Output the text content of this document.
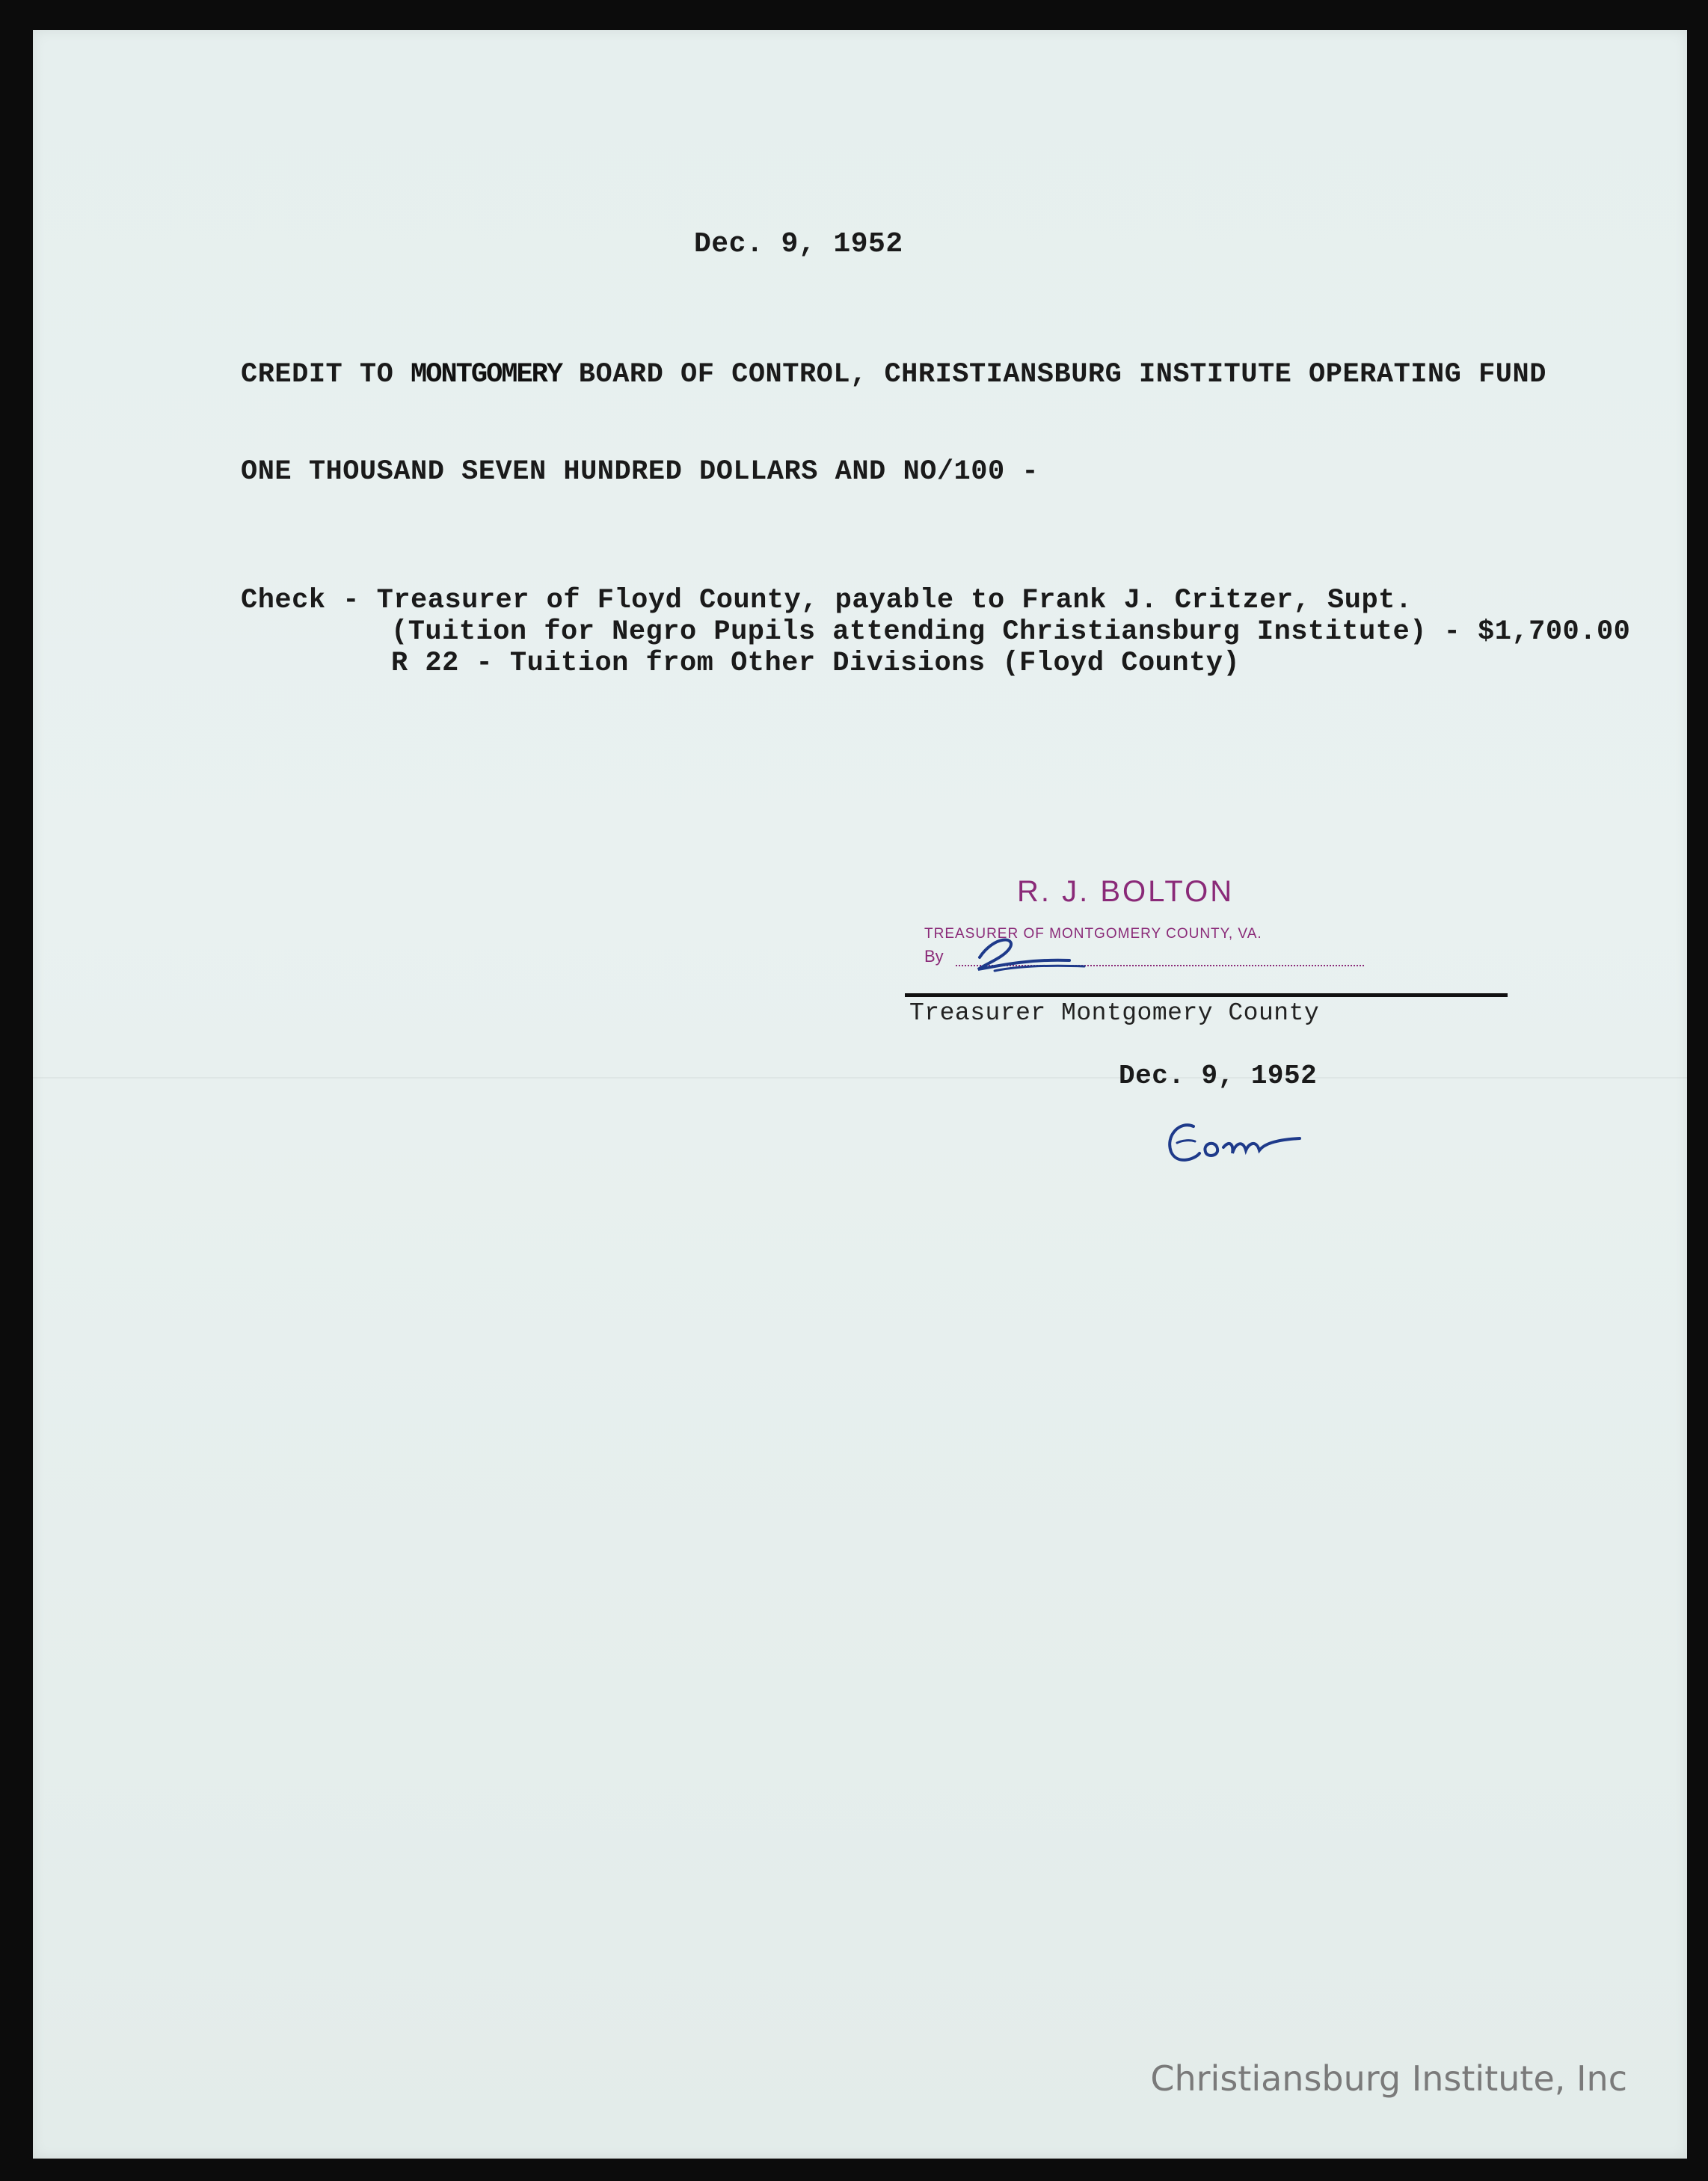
Dec. 9, 1952
CREDIT TO MONTGOMERY BOARD OF CONTROL, CHRISTIANSBURG INSTITUTE OPERATING FUND
ONE THOUSAND SEVEN HUNDRED DOLLARS AND NO/100 -
Check - Treasurer of Floyd County, payable to Frank J. Critzer, Supt.
(Tuition for Negro Pupils attending Christiansburg Institute) - $1,700.00
R 22 - Tuition from Other Divisions (Floyd County)
R. J. BOLTON
TREASURER OF MONTGOMERY COUNTY, VA.
By
Treasurer Montgomery County
Dec. 9, 1952
Christiansburg Institute, Inc
